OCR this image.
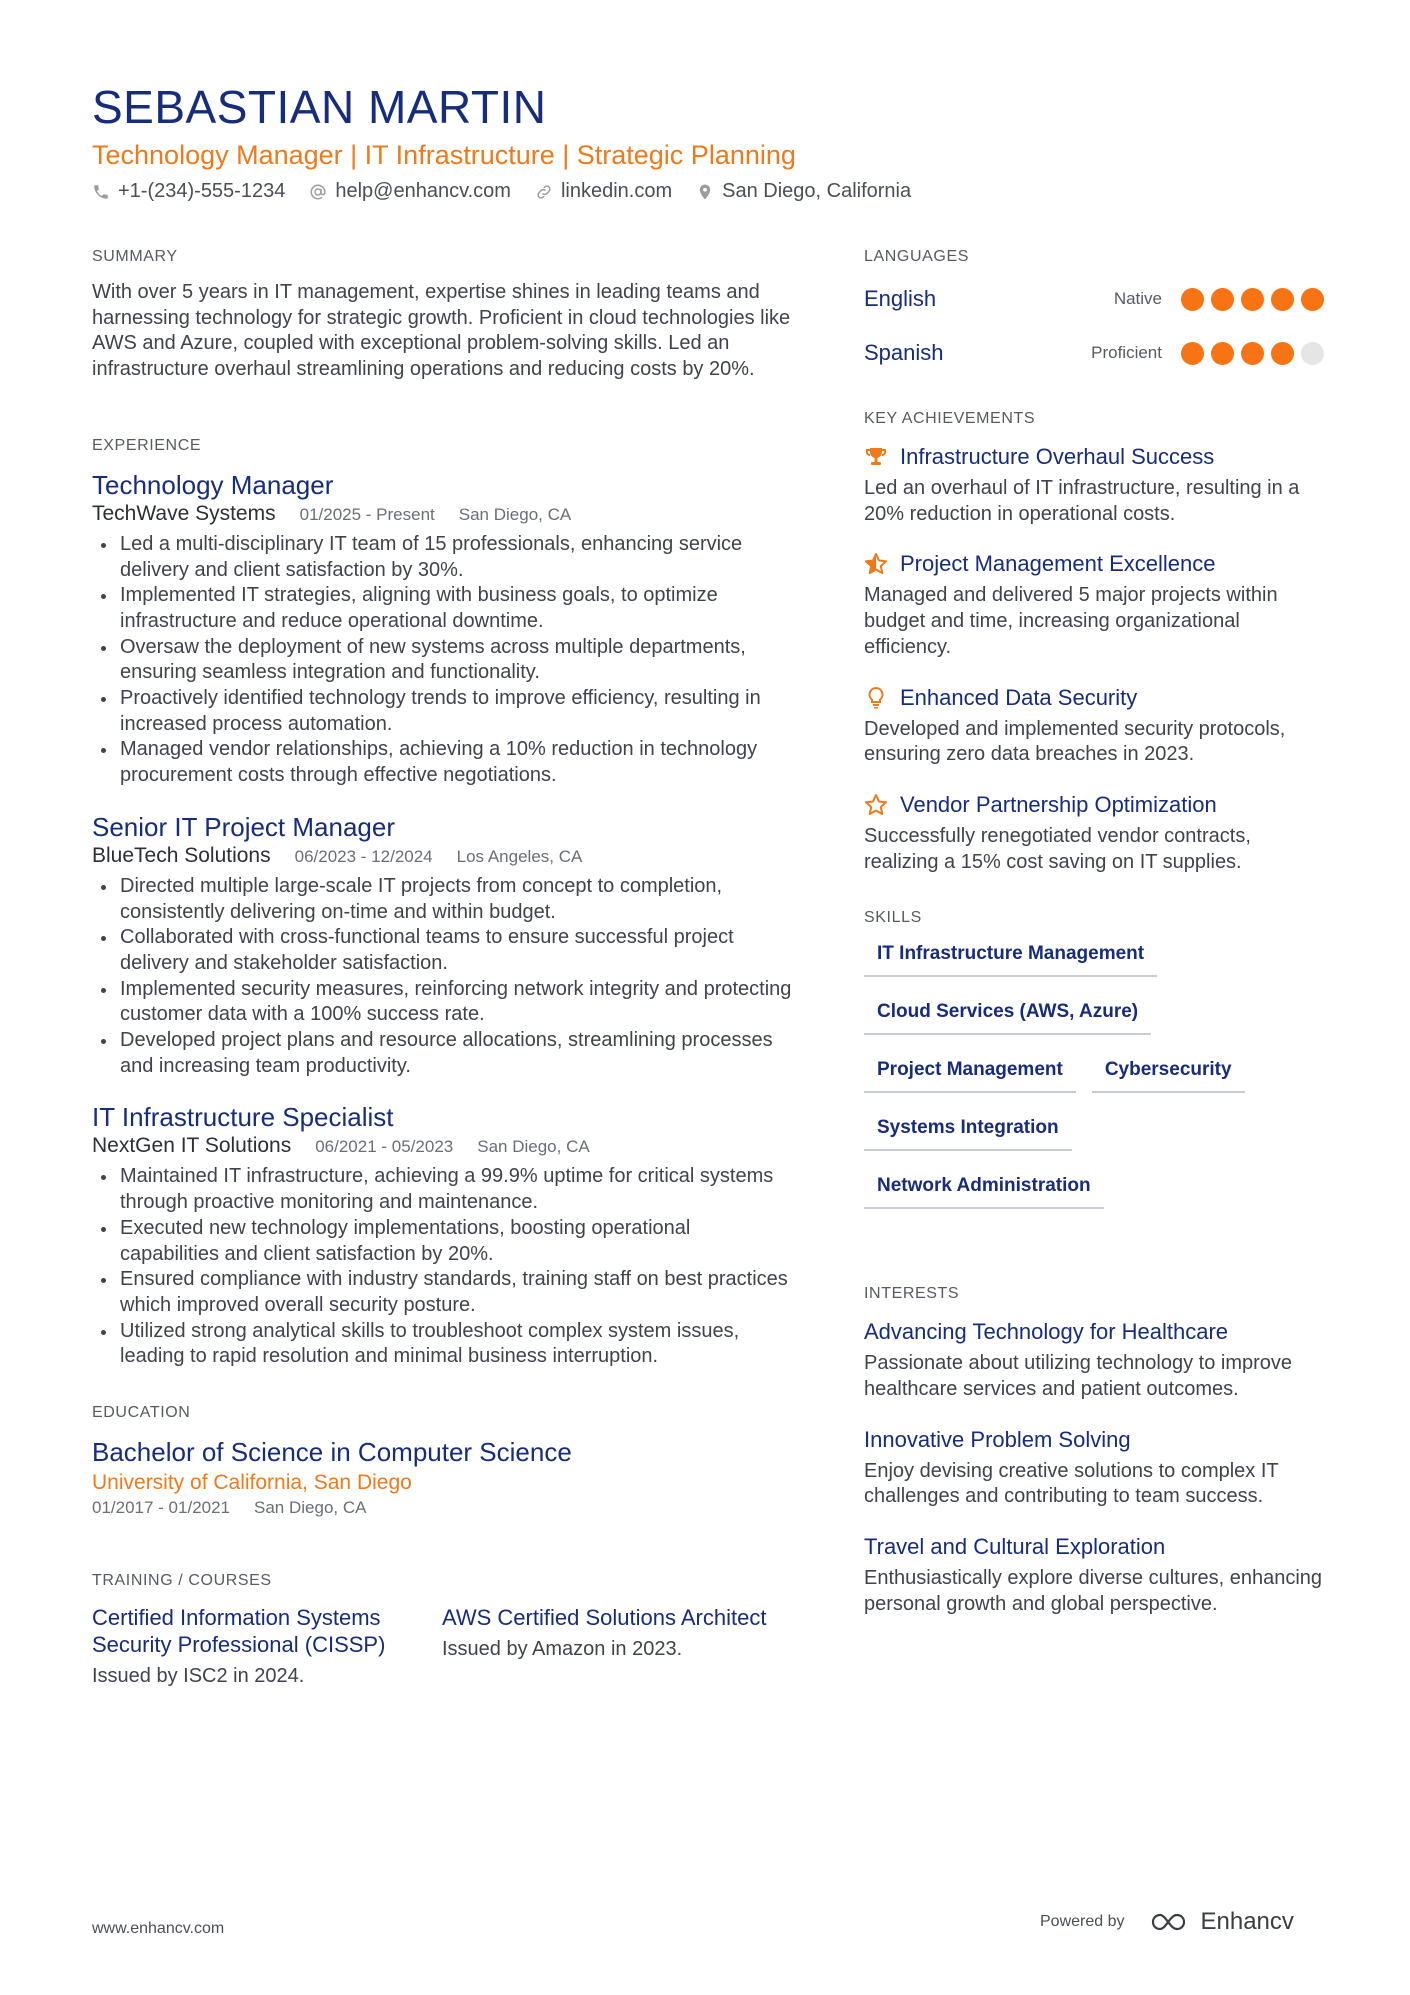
SEBASTIAN MARTIN
Technology Manager | IT Infrastructure | Strategic Planning
+1-(234)-555-1234	help@enhancv.com	linkedin.com	San Diego, California
SUMMARY
With over 5 years in IT management, expertise shines in leading teams and harnessing technology for strategic growth. Proficient in cloud technologies like AWS and Azure, coupled with exceptional problem-solving skills. Led an infrastructure overhaul streamlining operations and reducing costs by 20%.
EXPERIENCE
Technology Manager
TechWave Systems 01/2025 - Present San Diego, CA
Led a multi-disciplinary IT team of 15 professionals, enhancing service delivery and client satisfaction by 30%.
Implemented IT strategies, aligning with business goals, to optimize infrastructure and reduce operational downtime.
Oversaw the deployment of new systems across multiple departments, ensuring seamless integration and functionality.
Proactively identified technology trends to improve efficiency, resulting in increased process automation.
Managed vendor relationships, achieving a 10% reduction in technology procurement costs through effective negotiations.
Senior IT Project Manager
BlueTech Solutions 06/2023 - 12/2024 Los Angeles, CA
Directed multiple large-scale IT projects from concept to completion, consistently delivering on-time and within budget.
Collaborated with cross-functional teams to ensure successful project delivery and stakeholder satisfaction.
Implemented security measures, reinforcing network integrity and protecting customer data with a 100% success rate.
Developed project plans and resource allocations, streamlining processes and increasing team productivity.
IT Infrastructure Specialist
NextGen IT Solutions 06/2021 - 05/2023 San Diego, CA
Maintained IT infrastructure, achieving a 99.9% uptime for critical systems through proactive monitoring and maintenance.
Executed new technology implementations, boosting operational capabilities and client satisfaction by 20%.
Ensured compliance with industry standards, training staff on best practices which improved overall security posture.
Utilized strong analytical skills to troubleshoot complex system issues, leading to rapid resolution and minimal business interruption.
EDUCATION
Bachelor of Science in Computer Science
University of California, San Diego
01/2017 - 01/2021 San Diego, CA
TRAINING / COURSES
Certified Information Systems Security Professional (CISSP)
Issued by ISC2 in 2024.
AWS Certified Solutions Architect
Issued by Amazon in 2023.
LANGUAGES
English	Native
Spanish	Proficient
KEY ACHIEVEMENTS
Infrastructure Overhaul Success
Led an overhaul of IT infrastructure, resulting in a 20% reduction in operational costs.
Project Management Excellence
Managed and delivered 5 major projects within budget and time, increasing organizational efficiency.
Enhanced Data Security
Developed and implemented security protocols, ensuring zero data breaches in 2023.
Vendor Partnership Optimization
Successfully renegotiated vendor contracts, realizing a 15% cost saving on IT supplies.
SKILLS
IT Infrastructure Management
Cloud Services (AWS, Azure)
Project Management	Cybersecurity
Systems Integration
Network Administration
INTERESTS
Advancing Technology for Healthcare
Passionate about utilizing technology to improve healthcare services and patient outcomes.
Innovative Problem Solving
Enjoy devising creative solutions to complex IT challenges and contributing to team success.
Travel and Cultural Exploration
Enthusiastically explore diverse cultures, enhancing personal growth and global perspective.
www.enhancv.com	Powered by	Enhancv
